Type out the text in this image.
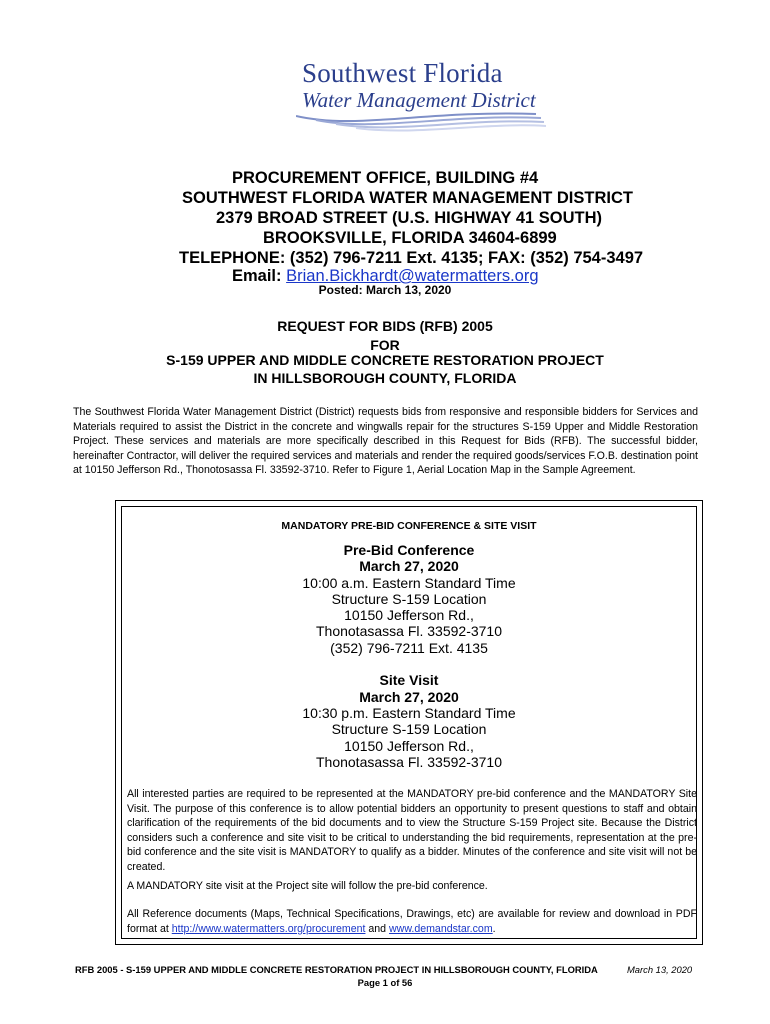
Southwest Florida
Water Management District
PROCUREMENT OFFICE, BUILDING #4
SOUTHWEST FLORIDA WATER MANAGEMENT DISTRICT
2379 BROAD STREET (U.S. HIGHWAY 41 SOUTH)
BROOKSVILLE, FLORIDA 34604-6899
TELEPHONE: (352) 796-7211 Ext. 4135; FAX: (352) 754-3497
Email: Brian.Bickhardt@watermatters.org
Posted: March 13, 2020
REQUEST FOR BIDS (RFB) 2005
FOR
S-159 UPPER AND MIDDLE CONCRETE RESTORATION PROJECT
IN HILLSBOROUGH COUNTY, FLORIDA
The Southwest Florida Water Management District (District) requests bids from responsive and responsible bidders for Services and Materials required to assist the District in the concrete and wingwalls repair for the structures S-159 Upper and Middle Restoration Project. These services and materials are more specifically described in this Request for Bids (RFB). The successful bidder, hereinafter Contractor, will deliver the required services and materials and render the required goods/services F.O.B. destination point at 10150 Jefferson Rd., Thonotosassa Fl. 33592-3710. Refer to Figure 1, Aerial Location Map in the Sample Agreement.
MANDATORY PRE-BID CONFERENCE & SITE VISIT
Pre-Bid Conference
March 27, 2020
10:00 a.m. Eastern Standard Time
Structure S-159 Location
10150 Jefferson Rd.,
Thonotasassa Fl. 33592-3710
(352) 796-7211 Ext. 4135
Site Visit
March 27, 2020
10:30 p.m. Eastern Standard Time
Structure S-159 Location
10150 Jefferson Rd.,
Thonotasassa Fl. 33592-3710
All interested parties are required to be represented at the MANDATORY pre-bid conference and the MANDATORY Site Visit. The purpose of this conference is to allow potential bidders an opportunity to present questions to staff and obtain clarification of the requirements of the bid documents and to view the Structure S-159 Project site. Because the District considers such a conference and site visit to be critical to understanding the bid requirements, representation at the pre-bid conference and the site visit is MANDATORY to qualify as a bidder. Minutes of the conference and site visit will not be created.
A MANDATORY site visit at the Project site will follow the pre-bid conference.
All Reference documents (Maps, Technical Specifications, Drawings, etc) are available for review and download in PDF format at http://www.watermatters.org/procurement and www.demandstar.com.
RFB 2005 - S-159 UPPER AND MIDDLE CONCRETE RESTORATION PROJECT IN HILLSBOROUGH COUNTY, FLORIDA	March 13, 2020
Page 1 of 56
